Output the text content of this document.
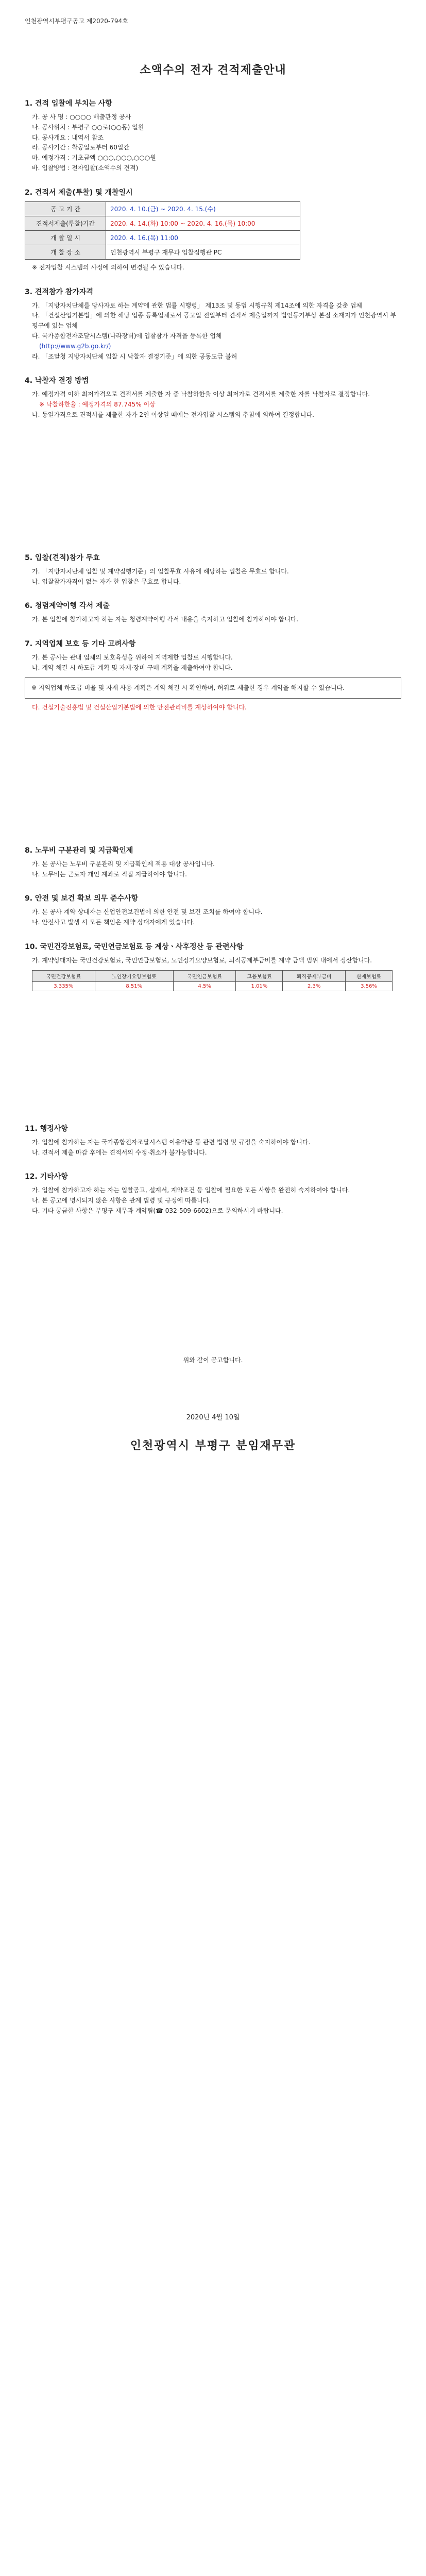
인천광역시부평구공고 제2020-794호
소액수의 전자 견적제출안내
1. 견적 입찰에 부치는 사항

가. 공 사 명 : ○○○○ 배출관정 공사

나. 공사위치 : 부평구 ○○로(○○동) 일원

다. 공사개요 : 내역서 참조

라. 공사기간 : 착공일로부터 60일간

마. 예정가격 : 기초금액 ○○○,○○○,○○○원

바. 입찰방법 : 전자입찰(소액수의 견적)

2. 견적서 제출(투찰) 및 개찰일시
공 고 기 간	2020. 4. 10.(금) ~ 2020. 4. 15.(수)
견적서제출(투찰)기간	2020. 4. 14.(화) 10:00 ~ 2020. 4. 16.(목) 10:00
개 찰 일 시	2020. 4. 16.(목) 11:00
개 찰 장 소	인천광역시 부평구 재무과 입찰집행관 PC

※ 전자입찰 시스템의 사정에 의하여 변경될 수 있습니다.

3. 견적참가 참가자격

가. 「지방자치단체를 당사자로 하는 계약에 관한 법률 시행령」 제13조 및 동법 시행규칙 제14조에 의한 자격을 갖춘 업체

나. 「건설산업기본법」에 의한 해당 업종 등록업체로서 공고일 전일부터 견적서 제출일까지 법인등기부상 본점 소재지가 인천광역시 부평구에 있는 업체

다. 국가종합전자조달시스템(나라장터)에 입찰참가 자격을 등록한 업체

(http://www.g2b.go.kr/)

라. 「조달청 지방자치단체 입찰 시 낙찰자 결정기준」에 의한 공동도급 불허

4. 낙찰자 결정 방법

가. 예정가격 이하 최저가격으로 견적서를 제출한 자 중 낙찰하한율 이상 최저가로 견적서를 제출한 자를 낙찰자로 결정합니다.

※ 낙찰하한율 : 예정가격의 87.745% 이상

나. 동일가격으로 견적서를 제출한 자가 2인 이상일 때에는 전자입찰 시스템의 추첨에 의하여 결정합니다.

5. 입찰(견적)참가 무효

가. 「지방자치단체 입찰 및 계약집행기준」의 입찰무효 사유에 해당하는 입찰은 무효로 합니다.

나. 입찰참가자격이 없는 자가 한 입찰은 무효로 합니다.

6. 청렴계약이행 각서 제출

가. 본 입찰에 참가하고자 하는 자는 청렴계약이행 각서 내용을 숙지하고 입찰에 참가하여야 합니다.

7. 지역업체 보호 등 기타 고려사항

가. 본 공사는 관내 업체의 보호육성을 위하여 지역제한 입찰로 시행합니다.

나. 계약 체결 시 하도급 계획 및 자재·장비 구매 계획을 제출하여야 합니다.

※ 지역업체 하도급 비율 및 자재 사용 계획은 계약 체결 시 확인하며, 허위로 제출한 경우 계약을 해지할 수 있습니다.

다. 건설기술진흥법 및 건설산업기본법에 의한 안전관리비를 계상하여야 합니다.

8. 노무비 구분관리 및 지급확인제

가. 본 공사는 노무비 구분관리 및 지급확인제 적용 대상 공사입니다.

나. 노무비는 근로자 개인 계좌로 직접 지급하여야 합니다.

9. 안전 및 보건 확보 의무 준수사항

가. 본 공사 계약 상대자는 산업안전보건법에 의한 안전 및 보건 조치를 하여야 합니다.

나. 안전사고 발생 시 모든 책임은 계약 상대자에게 있습니다.

10. 국민건강보험료, 국민연금보험료 등 계상ㆍ사후정산 등 관련사항

가. 계약상대자는 국민건강보험료, 국민연금보험료, 노인장기요양보험료, 퇴직공제부금비를 계약 금액 범위 내에서 정산합니다.

국민건강보험료	노인장기요양보험료	국민연금보험료	고용보험료	퇴직공제부금비	산재보험료
3.335%	8.51%	4.5%	1.01%	2.3%	3.56%
11. 행정사항

가. 입찰에 참가하는 자는 국가종합전자조달시스템 이용약관 등 관련 법령 및 규정을 숙지하여야 합니다.

나. 견적서 제출 마감 후에는 견적서의 수정·취소가 불가능합니다.

12. 기타사항

가. 입찰에 참가하고자 하는 자는 입찰공고, 설계서, 계약조건 등 입찰에 필요한 모든 사항을 완전히 숙지하여야 합니다.

나. 본 공고에 명시되지 않은 사항은 관계 법령 및 규정에 따릅니다.

다. 기타 궁금한 사항은 부평구 재무과 계약팀(☎ 032-509-6602)으로 문의하시기 바랍니다.

위와 같이 공고합니다.

2020년 4월 10일
인천광역시 부평구 분임재무관
